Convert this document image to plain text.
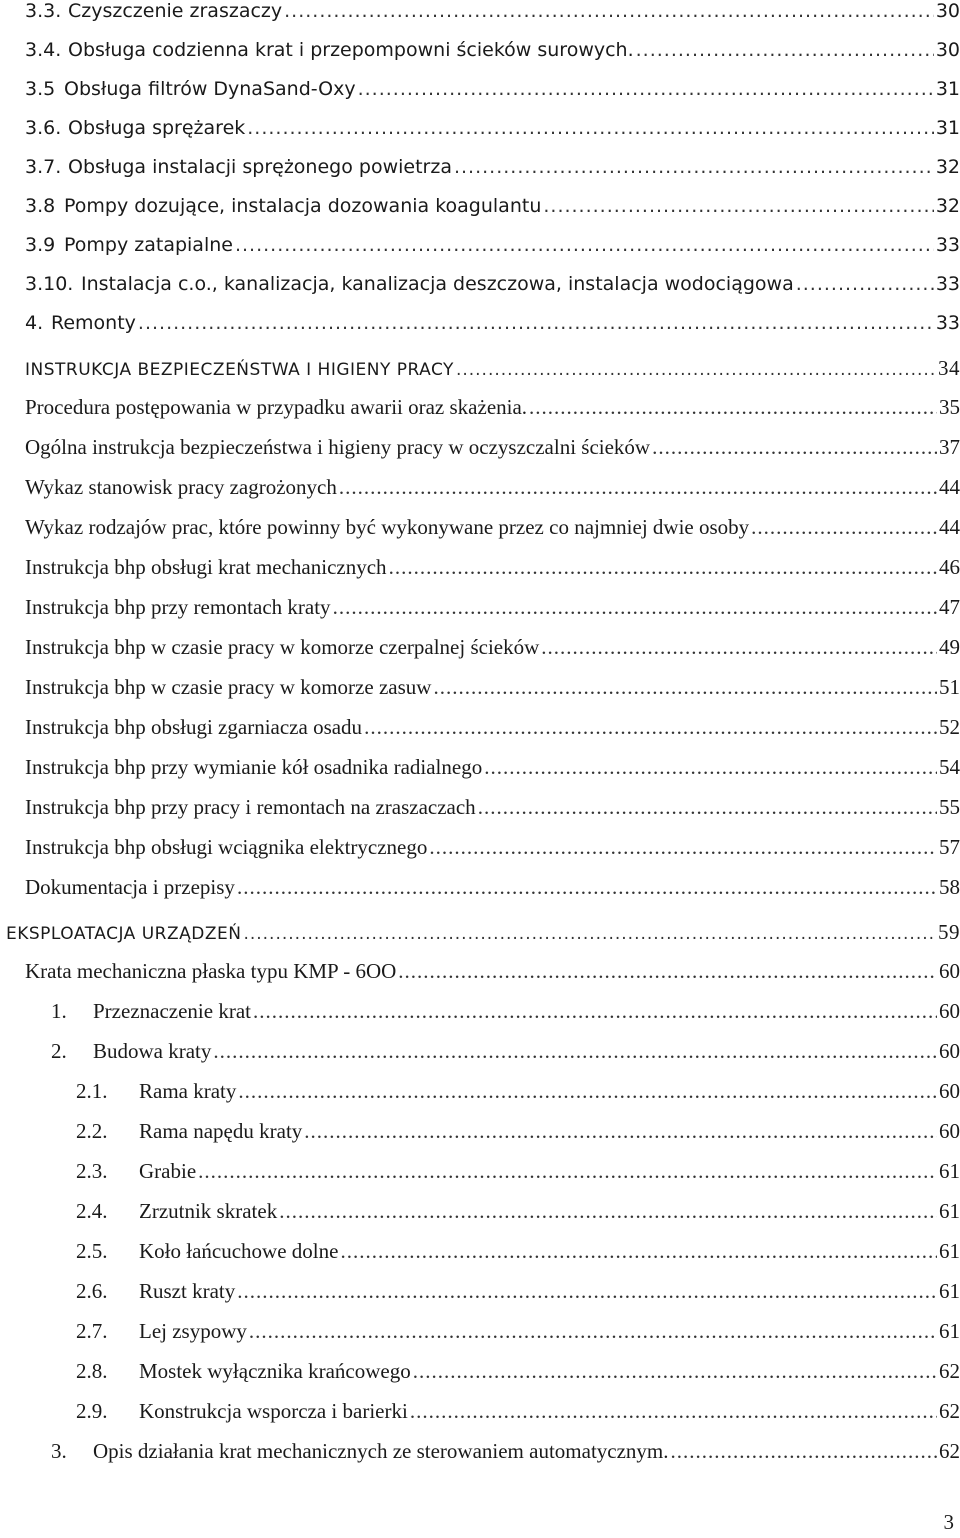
3.3. Czyszczenie zraszaczy .....	30
3.4. Obsługa codzienna krat i przepompowni ścieków surowych. .....	30
3.5 Obsługa filtrów DynaSand-Oxy .....	31
3.6. Obsługa sprężarek .....	31
3.7. Obsługa instalacji sprężonego powietrza .....	32
3.8 Pompy dozujące, instalacja dozowania koagulantu .....	32
3.9 Pompy zatapialne .....	33
3.10. Instalacja c.o., kanalizacja, kanalizacja deszczowa, instalacja wodociągowa .....	33
4. Remonty .....	33
INSTRUKCJA BEZPIECZEŃSTWA I HIGIENY PRACY .....	34
Procedura postępowania w przypadku awarii oraz skażenia. .....	35
Ogólna instrukcja bezpieczeństwa i higieny pracy w oczyszczalni ścieków .....	37
Wykaz stanowisk pracy zagrożonych .....	44
Wykaz rodzajów prac, które powinny być wykonywane przez co najmniej dwie osoby .....	44
Instrukcja bhp obsługi krat mechanicznych .....	46
Instrukcja bhp przy remontach kraty .....	47
Instrukcja bhp w czasie pracy w komorze czerpalnej ścieków .....	49
Instrukcja bhp w czasie pracy w komorze zasuw .....	51
Instrukcja bhp obsługi zgarniacza osadu .....	52
Instrukcja bhp przy wymianie kół osadnika radialnego .....	54
Instrukcja bhp przy pracy i remontach na zraszaczach .....	55
Instrukcja bhp obsługi wciągnika elektrycznego .....	57
Dokumentacja i przepisy .....	58
EKSPLOATACJA URZĄDZEŃ .....	59
Krata mechaniczna płaska typu KMP - 6OO .....	60
1.	Przeznaczenie krat .....	60
2.	Budowa kraty .....	60
2.1.	Rama kraty .....	60
2.2.	Rama napędu kraty .....	60
2.3.	Grabie .....	61
2.4.	Zrzutnik skratek .....	61
2.5.	Koło łańcuchowe dolne .....	61
2.6.	Ruszt kraty .....	61
2.7.	Lej zsypowy .....	61
2.8.	Mostek wyłącznika krańcowego .....	62
2.9.	Konstrukcja wsporcza i barierki .....	62
3.	Opis działania krat mechanicznych ze sterowaniem automatycznym. .....	62
3
